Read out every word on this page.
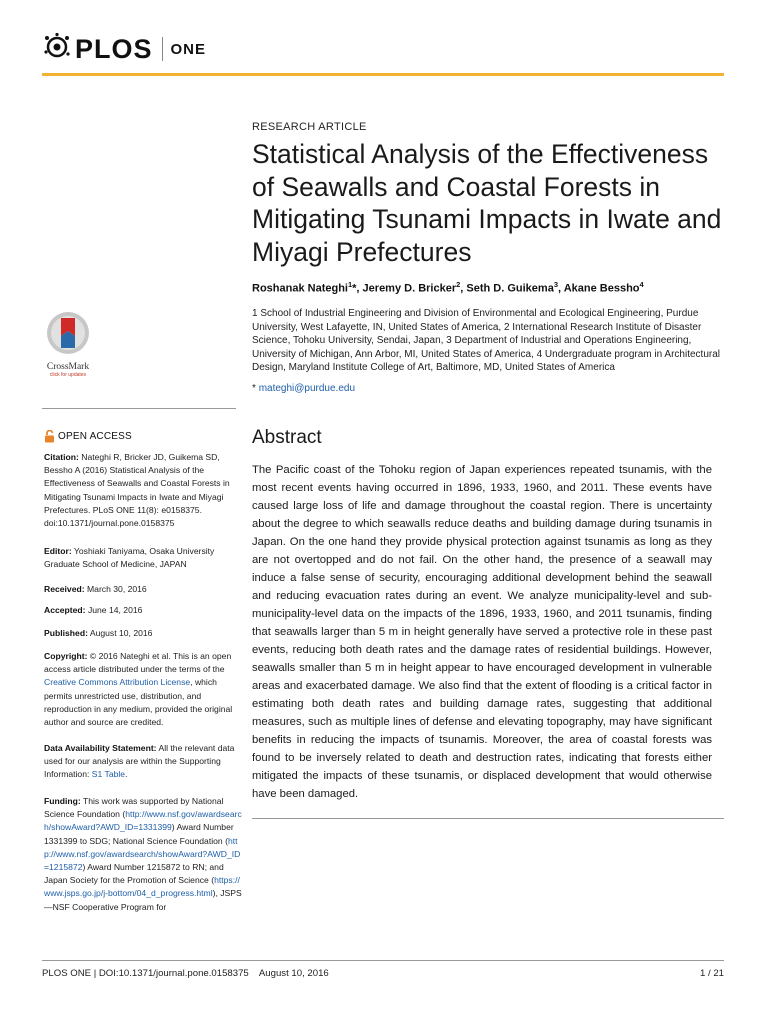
PLOS ONE
RESEARCH ARTICLE
Statistical Analysis of the Effectiveness of Seawalls and Coastal Forests in Mitigating Tsunami Impacts in Iwate and Miyagi Prefectures
Roshanak Nateghi$^1$*, Jeremy D. Bricker$^2$, Seth D. Guikema$^3$, Akane Bessho$^4$
1 School of Industrial Engineering and Division of Environmental and Ecological Engineering, Purdue University, West Lafayette, IN, United States of America, 2 International Research Institute of Disaster Science, Tohoku University, Sendai, Japan, 3 Department of Industrial and Operations Engineering, University of Michigan, Ann Arbor, MI, United States of America, 4 Undergraduate program in Architectural Design, Maryland Institute College of Art, Baltimore, MD, United States of America
* mateghi@purdue.edu
CrossMark
click for updates
OPEN ACCESS
Citation: Nateghi R, Bricker JD, Guikema SD, Bessho A (2016) Statistical Analysis of the Effectiveness of Seawalls and Coastal Forests in Mitigating Tsunami Impacts in Iwate and Miyagi Prefectures. PLoS ONE 11(8): e0158375. doi:10.1371/journal.pone.0158375
Editor: Yoshiaki Taniyama, Osaka University Graduate School of Medicine, JAPAN
Received: March 30, 2016
Accepted: June 14, 2016
Published: August 10, 2016
Copyright: © 2016 Nateghi et al. This is an open access article distributed under the terms of the Creative Commons Attribution License, which permits unrestricted use, distribution, and reproduction in any medium, provided the original author and source are credited.
Data Availability Statement: All the relevant data used for our analysis are within the Supporting Information: S1 Table.
Funding: This work was supported by National Science Foundation (http://www.nsf.gov/awardsearch/showAward?AWD_ID=1331399) Award Number 1331399 to SDG; National Science Foundation (http://www.nsf.gov/awardsearch/showAward?AWD_ID=1215872) Award Number 1215872 to RN; and Japan Society for the Promotion of Science (https://www.jsps.go.jp/j-bottom/04_d_progress.html), JSPS—NSF Cooperative Program for
Abstract
The Pacific coast of the Tohoku region of Japan experiences repeated tsunamis, with the most recent events having occurred in 1896, 1933, 1960, and 2011. These events have caused large loss of life and damage throughout the coastal region. There is uncertainty about the degree to which seawalls reduce deaths and building damage during tsunamis in Japan. On the one hand they provide physical protection against tsunamis as long as they are not overtopped and do not fail. On the other hand, the presence of a seawall may induce a false sense of security, encouraging additional development behind the seawall and reducing evacuation rates during an event. We analyze municipality-level and sub-municipality-level data on the impacts of the 1896, 1933, 1960, and 2011 tsunamis, finding that seawalls larger than 5 m in height generally have served a protective role in these past events, reducing both death rates and the damage rates of residential buildings. However, seawalls smaller than 5 m in height appear to have encouraged development in vulnerable areas and exacerbated damage. We also find that the extent of flooding is a critical factor in estimating both death rates and building damage rates, suggesting that additional measures, such as multiple lines of defense and elevating topography, may have significant benefits in reducing the impacts of tsunamis. Moreover, the area of coastal forests was found to be inversely related to death and destruction rates, indicating that forests either mitigated the impacts of these tsunamis, or displaced development that would otherwise have been damaged.
PLOS ONE | DOI:10.1371/journal.pone.0158375    August 10, 2016	1 / 21
